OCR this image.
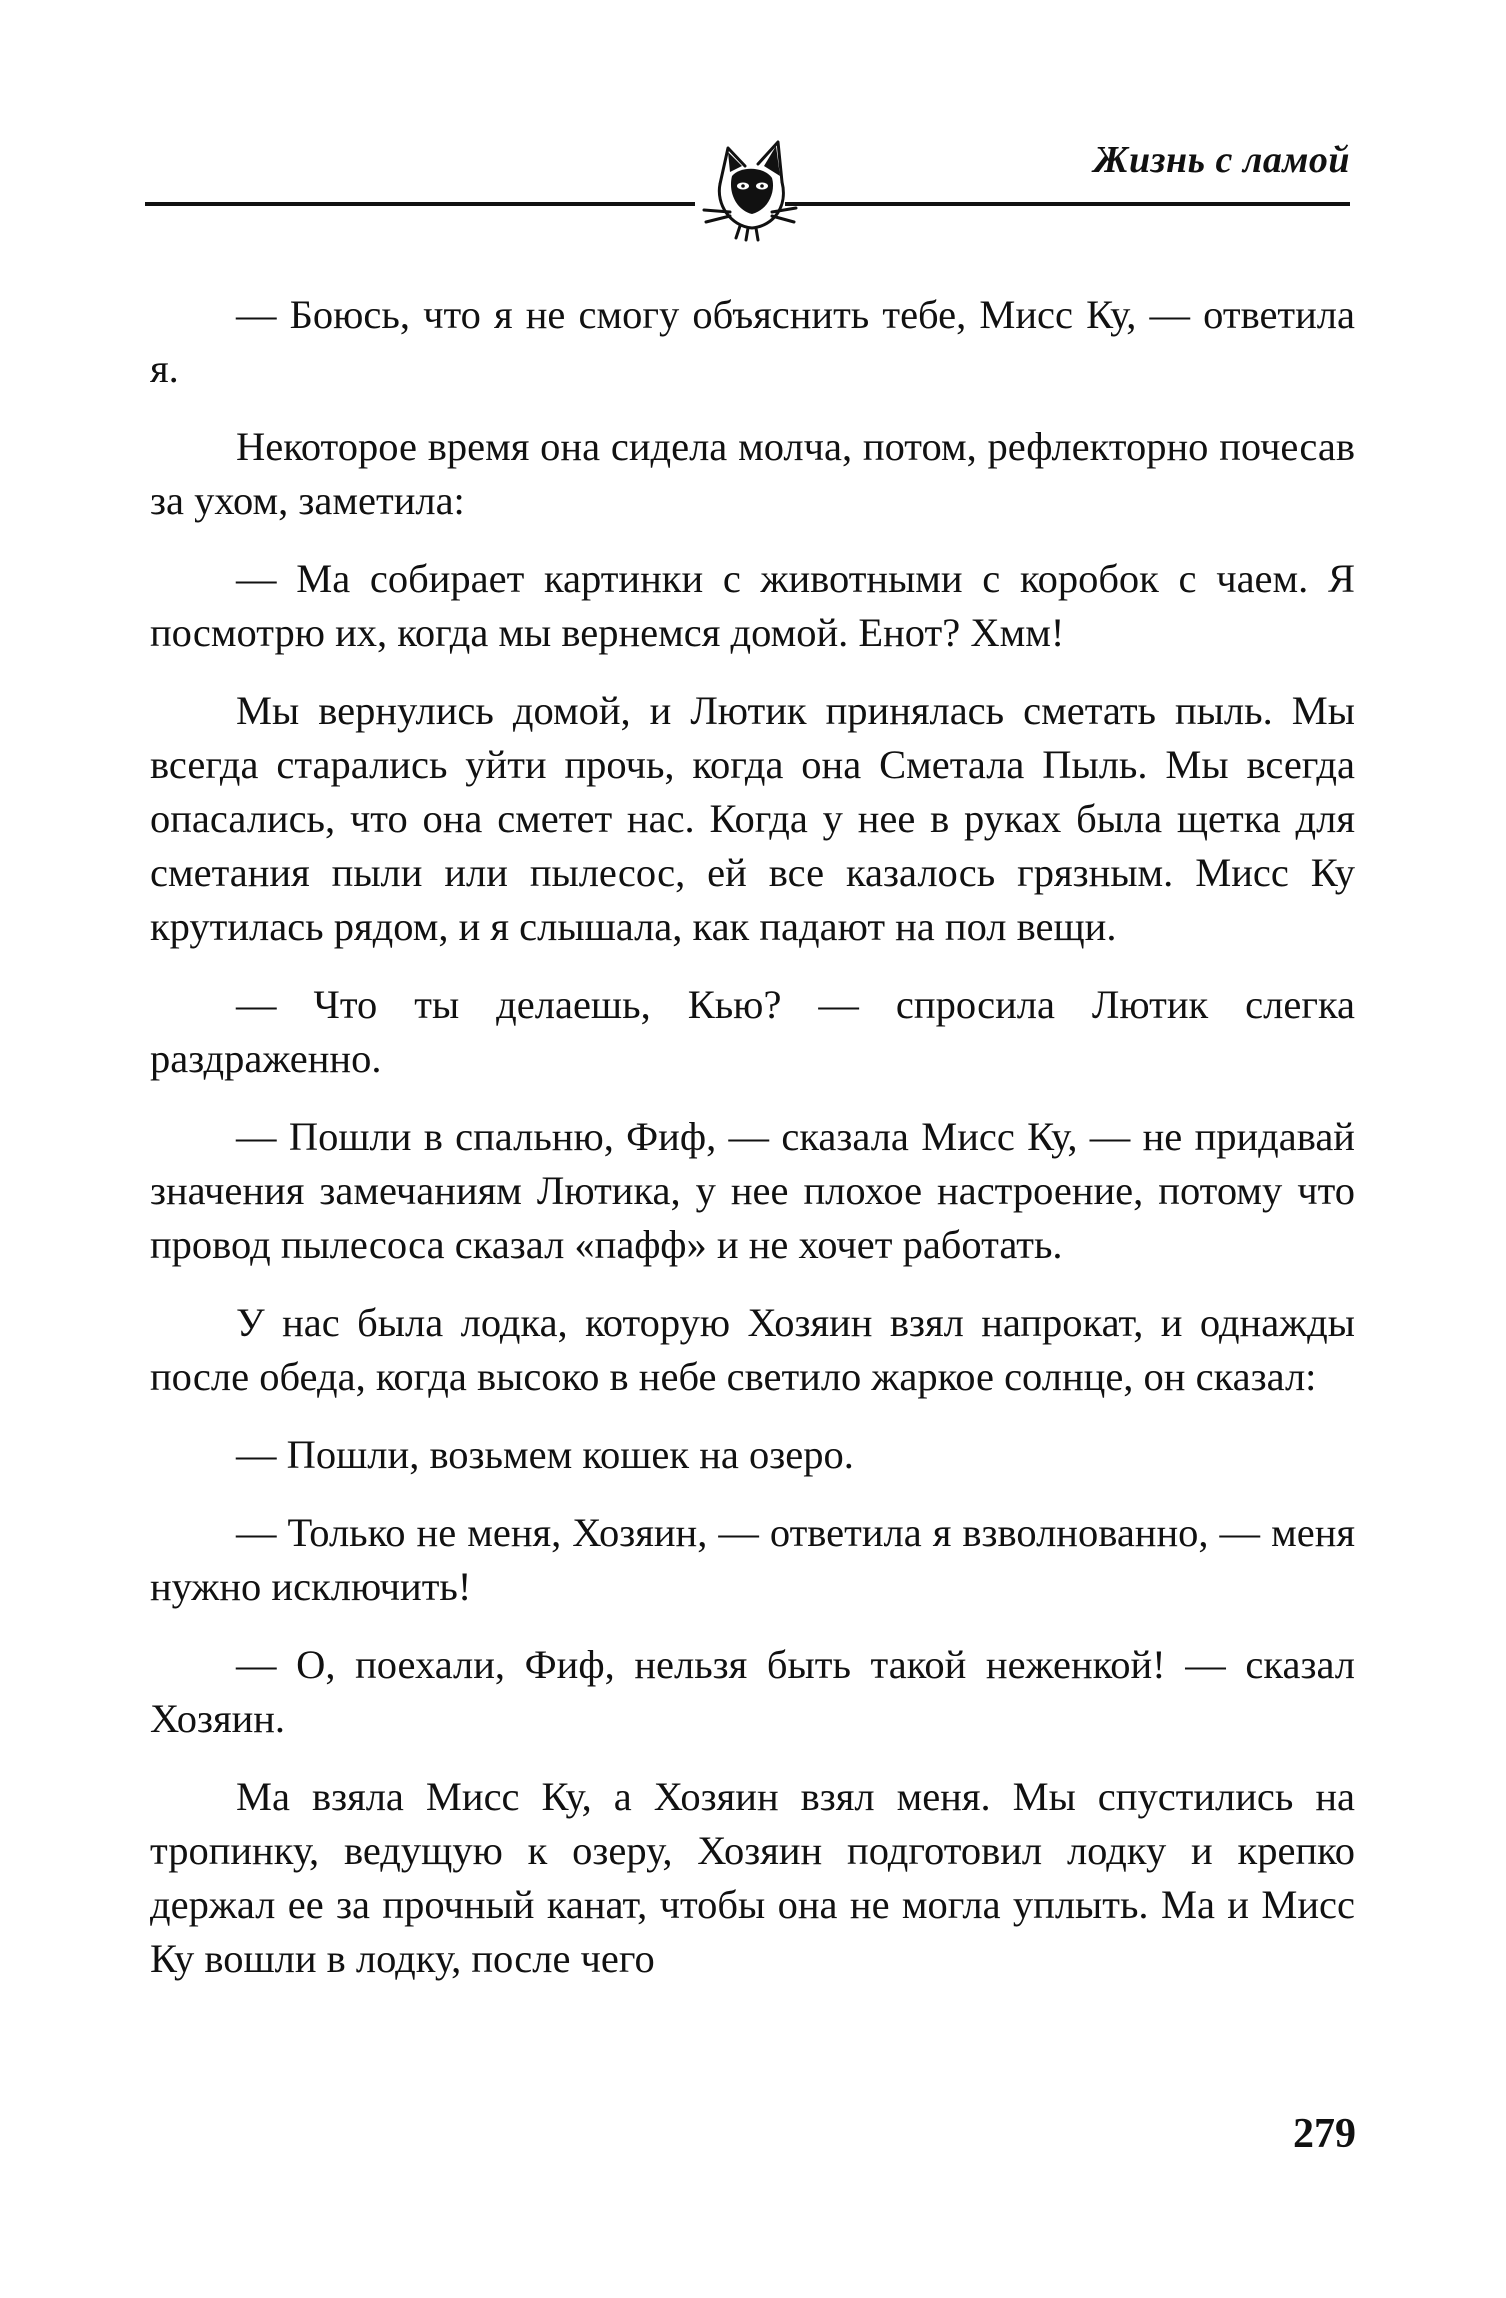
Жизнь с ламой

— Боюсь, что я не смогу объяснить тебе, Мисс Ку, — ответила я.

Некоторое время она сидела молча, потом, рефлекторно почесав за ухом, заметила:

— Ма собирает картинки с животными с коробок с чаем. Я посмотрю их, когда мы вернемся домой. Енот? Хмм!

Мы вернулись домой, и Лютик принялась сметать пыль. Мы всегда старались уйти прочь, когда она Сметала Пыль. Мы всегда опасались, что она сметет нас. Когда у нее в руках была щетка для сметания пыли или пылесос, ей все казалось грязным. Мисс Ку крутилась рядом, и я слышала, как падают на пол вещи.

— Что ты делаешь, Кью? — спросила Лютик слегка раздраженно.

— Пошли в спальню, Фиф, — сказала Мисс Ку, — не придавай значения замечаниям Лютика, у нее плохое настроение, потому что провод пылесоса сказал «пафф» и не хочет работать.

У нас была лодка, которую Хозяин взял напрокат, и однажды после обеда, когда высоко в небе светило жаркое солнце, он сказал:

— Пошли, возьмем кошек на озеро.

— Только не меня, Хозяин, — ответила я взволнованно, — меня нужно исключить!

— О, поехали, Фиф, нельзя быть такой неженкой! — сказал Хозяин.

Ма взяла Мисс Ку, а Хозяин взял меня. Мы спустились на тропинку, ведущую к озеру, Хозяин подготовил лодку и крепко держал ее за прочный канат, чтобы она не могла уплыть. Ма и Мисс Ку вошли в лодку, после чего

279
